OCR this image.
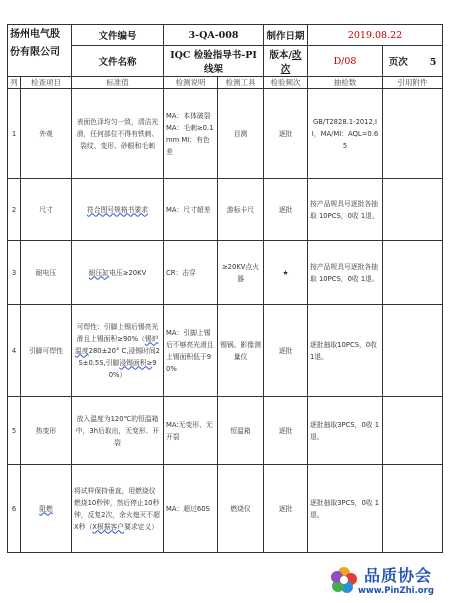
扬州电气股份有限公司		文件编号	3-QA-008		制作日期	2019.08.22	
		文件名称	IQC 检验指导书-PI 线架		版本/改次	D/08	页次 5
列	检查项目	标准值	检测说明	检测工具	检验频次	抽检数	引用附件
1	外观	表面色泽均匀一致，清洁光滑，任何部位不得有铁刺、裂纹、变形、砂眼和毛刺	MA：本体破裂 MA：毛刺≥0.1mm MI：有色差	目测	逐批	GB/T2828.1-2012,II，MA/MI：AQL=0.65	
2	尺寸	符合图号规格书要求	MA：尺寸超差	游标卡尺	逐批	按产品规具号逐批各抽取 10PCS，0收 1退。	
3	耐电压	耐压缸电压≥20KV	CR：击穿	≥20KV点火器	★	按产品规具号逐批各抽取 10PCS，0收 1退。	
4	引脚可焊性	可焊性：引脚上锡后锡亮光滑且上锡面积≥90%（锡炉温度280±20° C,浸锡时间2S±0.5S,引脚浸锡面积≥90%）	MA：引脚上锡后不够亮光滑且上锡面积低于90%	锡锅、影像测量仪	逐批	逐批抽取10PCS，0收 1退。	
5	热变形	放入温度为120℃的恒温箱中，3h后取出，无变形、开裂	MA:无变形、无开裂	恒温箱	逐批	逐批抽取3PCS，0收 1退。	
6	阻燃	将试样保持垂直，用燃烧仪燃烧10秒钟，然后停止10秒钟，反复2次，余火熄灭不超X秒（X根据客户要求定义）	MA：超过60S	燃烧仪	逐批	逐批抽取3PCS，0收 1退。	
品质协会
www.PinZhi.org
